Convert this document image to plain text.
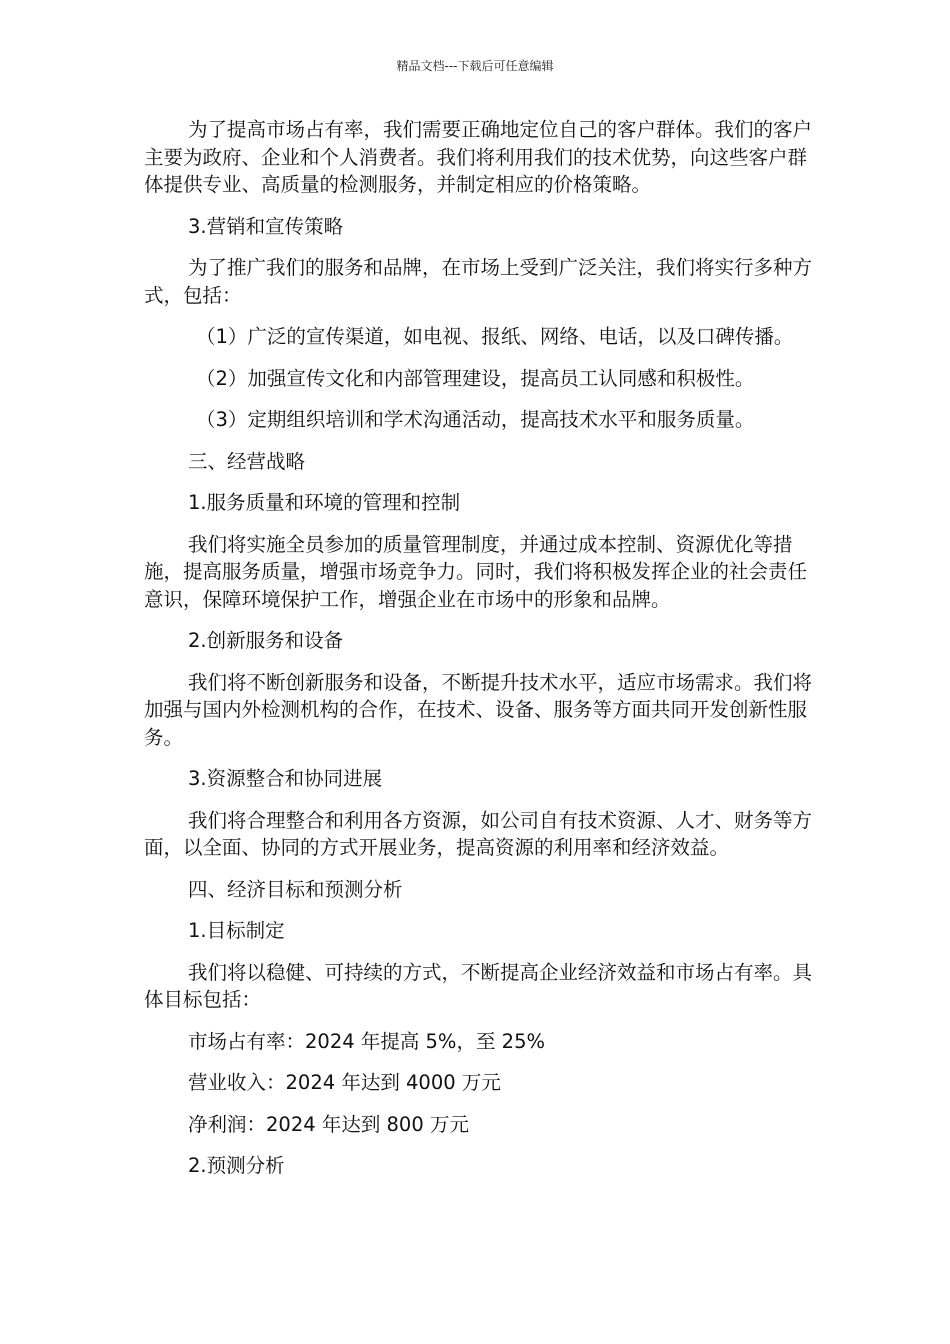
精品文档---下载后可任意编辑

为了提高市场占有率，我们需要正确地定位自己的客户群体。我们的客户主要为政府、企业和个人消费者。我们将利用我们的技术优势，向这些客户群体提供专业、高质量的检测服务，并制定相应的价格策略。

3.营销和宣传策略

为了推广我们的服务和品牌，在市场上受到广泛关注，我们将实行多种方式，包括：

（1）广泛的宣传渠道，如电视、报纸、网络、电话，以及口碑传播。

（2）加强宣传文化和内部管理建设，提高员工认同感和积极性。

（3）定期组织培训和学术沟通活动，提高技术水平和服务质量。

三、经营战略

1.服务质量和环境的管理和控制

我们将实施全员参加的质量管理制度，并通过成本控制、资源优化等措施，提高服务质量，增强市场竞争力。同时，我们将积极发挥企业的社会责任意识，保障环境保护工作，增强企业在市场中的形象和品牌。

2.创新服务和设备

我们将不断创新服务和设备，不断提升技术水平，适应市场需求。我们将加强与国内外检测机构的合作，在技术、设备、服务等方面共同开发创新性服务。

3.资源整合和协同进展

我们将合理整合和利用各方资源，如公司自有技术资源、人才、财务等方面，以全面、协同的方式开展业务，提高资源的利用率和经济效益。

四、经济目标和预测分析

1.目标制定

我们将以稳健、可持续的方式，不断提高企业经济效益和市场占有率。具体目标包括：

市场占有率：2024 年提高 5%，至 25%

营业收入：2024 年达到 4000 万元

净利润：2024 年达到 800 万元

2.预测分析
